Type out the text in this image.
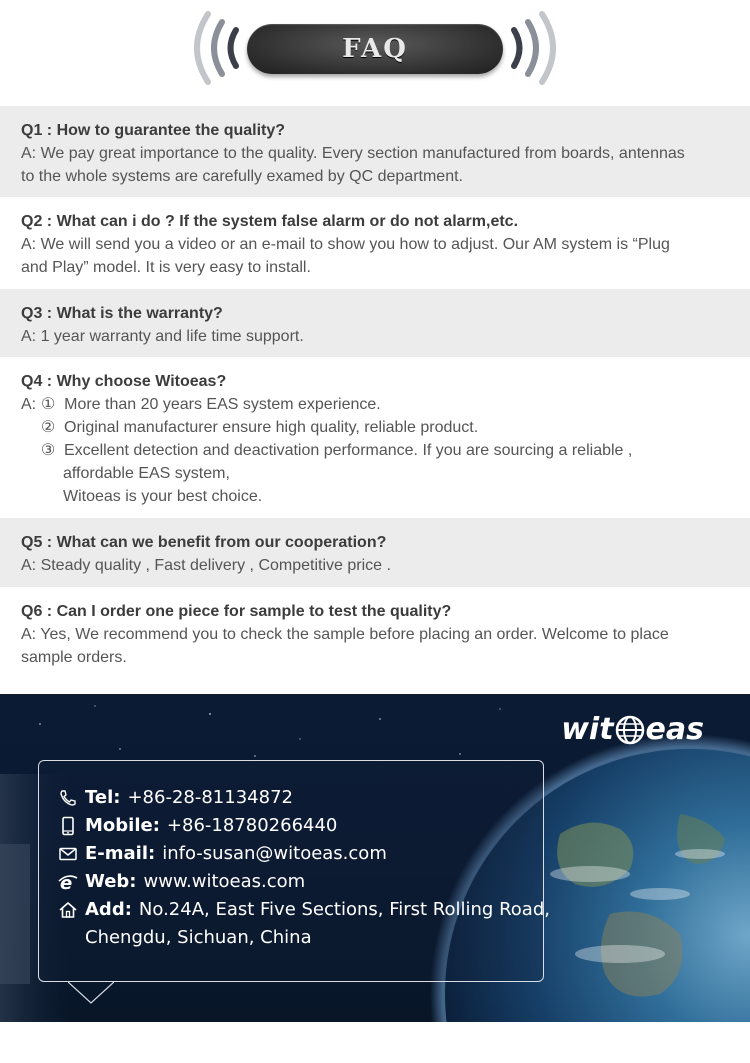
FAQ
Q1 : How to guarantee the quality?
A: We pay great importance to the quality. Every section manufactured from boards, antennas
to the whole systems are carefully examed by QC department.
Q2 : What can i do ? If the system false alarm or do not alarm,etc.
A: We will send you a video or an e-mail to show you how to adjust. Our AM system is “Plug
and Play” model. It is very easy to install.
Q3 : What is the warranty?
A: 1 year warranty and life time support.
Q4 : Why choose Witoeas?
A: ① More than 20 years EAS system experience.
② Original manufacturer ensure high quality, reliable product.
③ Excellent detection and deactivation performance. If you are sourcing a reliable ,
affordable EAS system,
Witoeas is your best choice.
Q5 : What can we benefit from our cooperation?
A: Steady quality , Fast delivery , Competitive price .
Q6 : Can I order one piece for sample to test the quality?
A: Yes, We recommend you to check the sample before placing an order. Welcome to place
sample orders.
wit eas
Tel: +86-28-81134872
Mobile: +86-18780266440
E-mail: info-susan@witoeas.com
e Web: www.witoeas.com
Add: No.24A, East Five Sections, First Rolling Road,
Chengdu, Sichuan, China
